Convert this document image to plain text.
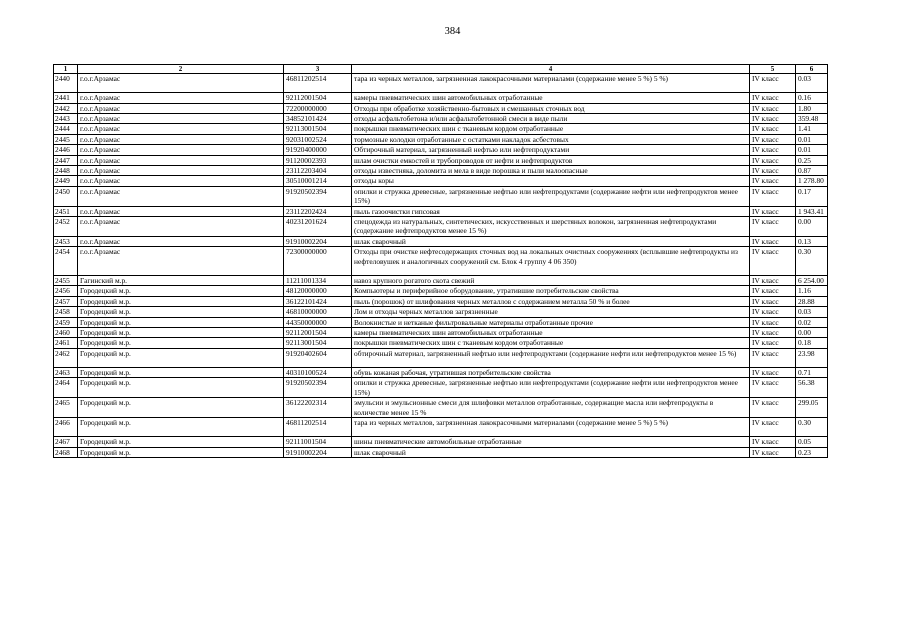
384
1	2	3	4	5	6
2440	г.о.г.Арзамас	46811202514	тара из черных металлов, загрязненная лакокрасочными материалами (содержание менее 5 %) 5 %)	IV класс	0.03
2441	г.о.г.Арзамас	92112001504	камеры пневматических шин автомобильных отработанные	IV класс	0.16
2442	г.о.г.Арзамас	72200000000	Отходы при обработке хозяйственно-бытовых и смешанных сточных вод	IV класс	1.80
2443	г.о.г.Арзамас	34852101424	отходы асфальтобетона и/или асфальтобетонной смеси в виде пыли	IV класс	359.48
2444	г.о.г.Арзамас	92113001504	покрышки пневматических шин с тканевым кордом отработанные	IV класс	1.41
2445	г.о.г.Арзамас	92031002524	тормозные колодки отработанные с остатками накладок асбестовых	IV класс	0.01
2446	г.о.г.Арзамас	91920400000	Обтирочный материал, загрязненный нефтью или нефтепродуктами	IV класс	0.01
2447	г.о.г.Арзамас	91120002393	шлам очистки емкостей и трубопроводов от нефти и нефтепродуктов	IV класс	0.25
2448	г.о.г.Арзамас	23112203404	отходы известняка, доломита и мела в виде порошка и пыли малоопасные	IV класс	0.87
2449	г.о.г.Арзамас	30510001214	отходы коры	IV класс	1 278.80
2450	г.о.г.Арзамас	91920502394	опилки и стружка древесные, загрязненные нефтью или нефтепродуктами (содержание нефти или нефтепродуктов менее 15%)	IV класс	0.17
2451	г.о.г.Арзамас	23112202424	пыль газоочистки гипсовая	IV класс	1 943.41
2452	г.о.г.Арзамас	40231201624	спецодежда из натуральных, синтетических, искусственных и шерстяных волокон, загрязненная нефтепродуктами (содержание нефтепродуктов менее 15 %)	IV класс	0.00
2453	г.о.г.Арзамас	91910002204	шлак сварочный	IV класс	0.13
2454	г.о.г.Арзамас	72300000000	Отходы при очистке нефтесодержащих сточных вод на локальных очистных сооружениях (всплывшие нефтепродукты из нефтеловушек и аналогичных сооружений см. Блок 4 группу 4 06 350)	IV класс	0.30
2455	Гагинский м.р.	11211001334	навоз крупного рогатого скота свежий	IV класс	6 254.00
2456	Городецкий м.р.	48120000000	Компьютеры и периферийное оборудование, утратившие потребительские свойства	IV класс	1.16
2457	Городецкий м.р.	36122101424	пыль (порошок) от шлифования черных металлов с содержанием металла 50 % и более	IV класс	28.88
2458	Городецкий м.р.	46810000000	Лом и отходы черных металлов загрязненные	IV класс	0.03
2459	Городецкий м.р.	44350000000	Волокнистые и нетканые фильтровальные материалы отработанные прочие	IV класс	0.02
2460	Городецкий м.р.	92112001504	камеры пневматических шин автомобильных отработанные	IV класс	0.00
2461	Городецкий м.р.	92113001504	покрышки пневматических шин с тканевым кордом отработанные	IV класс	0.18
2462	Городецкий м.р.	91920402604	обтирочный материал, загрязненный нефтью или нефтепродуктами (содержание нефти или нефтепродуктов менее 15 %)	IV класс	23.98
2463	Городецкий м.р.	40310100524	обувь кожаная рабочая, утратившая потребительские свойства	IV класс	0.71
2464	Городецкий м.р.	91920502394	опилки и стружка древесные, загрязненные нефтью или нефтепродуктами (содержание нефти или нефтепродуктов менее 15%)	IV класс	56.38
2465	Городецкий м.р.	36122202314	эмульсии и эмульсионные смеси для шлифовки металлов отработанные, содержащие масла или нефтепродукты в количестве менее 15 %	IV класс	299.05
2466	Городецкий м.р.	46811202514	тара из черных металлов, загрязненная лакокрасочными материалами (содержание менее 5 %) 5 %)	IV класс	0.30
2467	Городецкий м.р.	92111001504	шины пневматические автомобильные отработанные	IV класс	0.05
2468	Городецкий м.р.	91910002204	шлак сварочный	IV класс	0.23
